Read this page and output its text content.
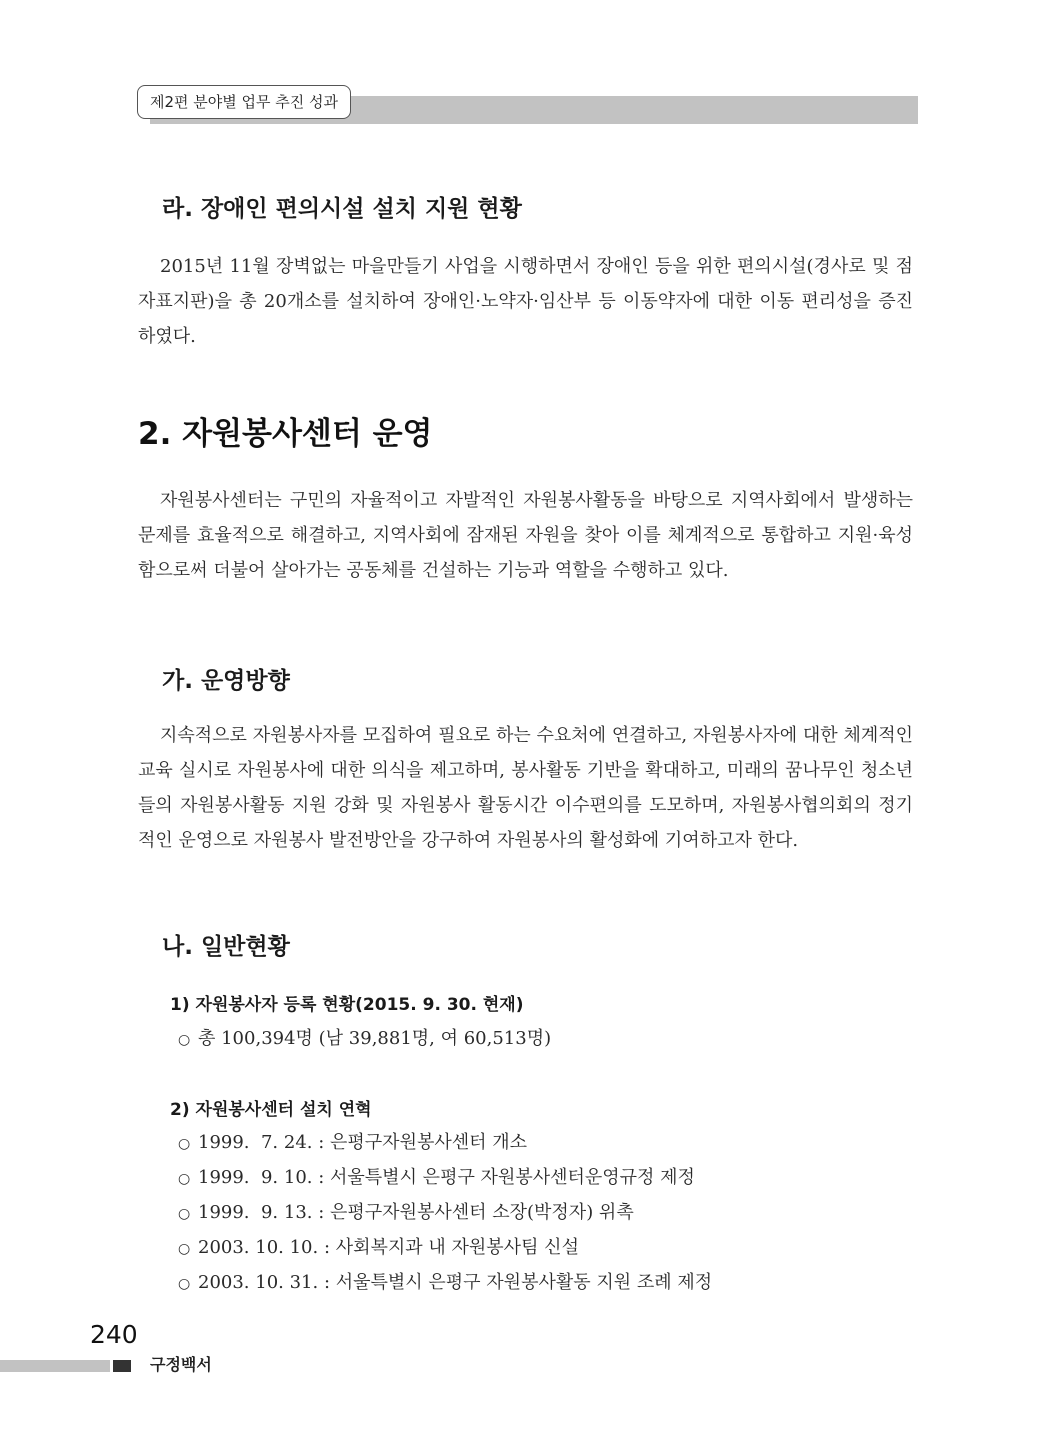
제2편 분야별 업무 추진 성과
라. 장애인 편의시설 설치 지원 현황

2015년 11월 장벽없는 마을만들기 사업을 시행하면서 장애인 등을 위한 편의시설(경사로 및 점자표지판)을 총 20개소를 설치하여 장애인·노약자·임산부 등 이동약자에 대한 이동 편리성을 증진하였다.

2. 자원봉사센터 운영

자원봉사센터는 구민의 자율적이고 자발적인 자원봉사활동을 바탕으로 지역사회에서 발생하는 문제를 효율적으로 해결하고, 지역사회에 잠재된 자원을 찾아 이를 체계적으로 통합하고 지원·육성함으로써 더불어 살아가는 공동체를 건설하는 기능과 역할을 수행하고 있다.

가. 운영방향

지속적으로 자원봉사자를 모집하여 필요로 하는 수요처에 연결하고, 자원봉사자에 대한 체계적인 교육 실시로 자원봉사에 대한 의식을 제고하며, 봉사활동 기반을 확대하고, 미래의 꿈나무인 청소년들의 자원봉사활동 지원 강화 및 자원봉사 활동시간 이수편의를 도모하며, 자원봉사협의회의 정기적인 운영으로 자원봉사 발전방안을 강구하여 자원봉사의 활성화에 기여하고자 한다.

나. 일반현황
1) 자원봉사자 등록 현황(2015. 9. 30. 현재)
○ 총 100,394명 (남 39,881명, 여 60,513명)
2) 자원봉사센터 설치 연혁
○ 1999.  7. 24. : 은평구자원봉사센터 개소
○ 1999.  9. 10. : 서울특별시 은평구 자원봉사센터운영규정 제정
○ 1999.  9. 13. : 은평구자원봉사센터 소장(박정자) 위촉
○ 2003. 10. 10. : 사회복지과 내 자원봉사팀 신설
○ 2003. 10. 31. : 서울특별시 은평구 자원봉사활동 지원 조례 제정
240
구정백서
